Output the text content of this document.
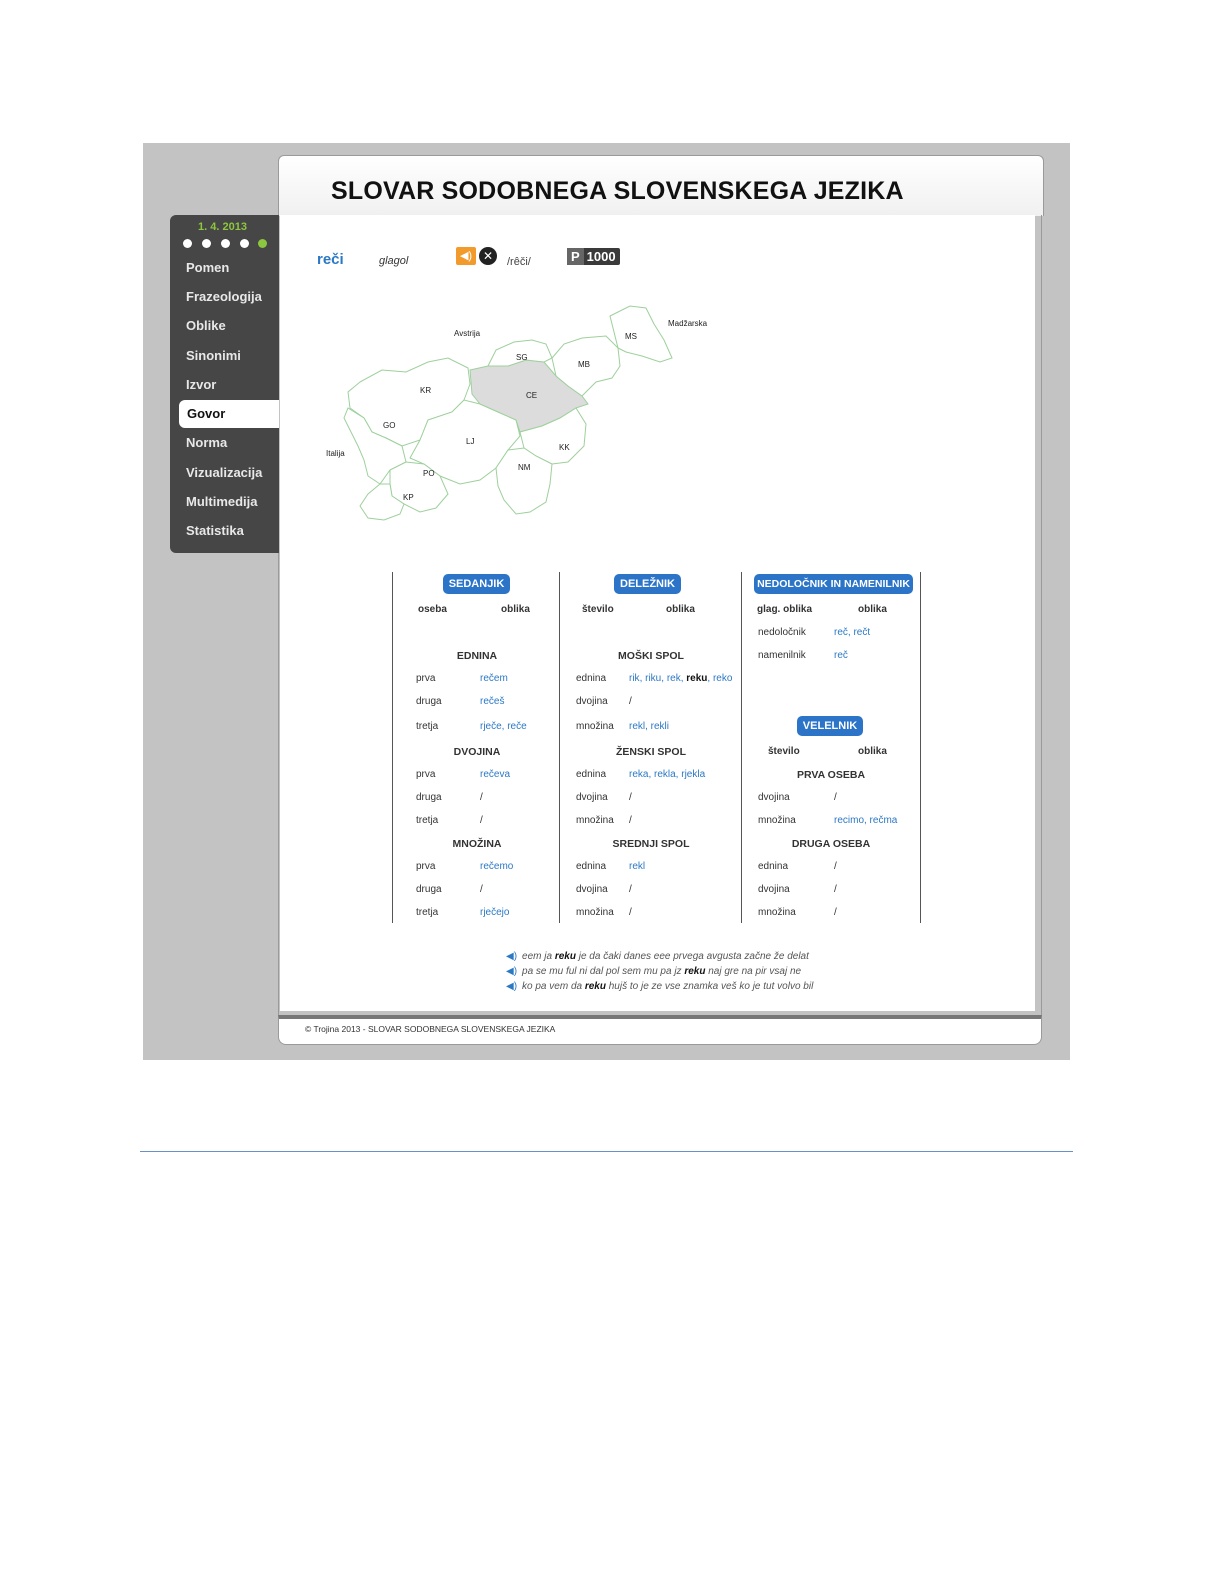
SLOVAR SODOBNEGA SLOVENSKEGA JEZIKA
1. 4. 2013
Pomen
Frazeologija
Oblike
Sinonimi
Izvor
Govor
Norma
Vizualizacija
Multimedija
Statistika
reči	glagol	◀) ✕	/rêči/	P 1000
Avstrija
Madžarska
Italija
MS
SG
MB
KR
CE
GO
LJ
KK
NM
PO
KP
SEDANJIK
oseba	oblika
EDNINA
prva	rečem
druga	rečeš
tretja	rječe, reče
DVOJINA
prva	rečeva
druga	/
tretja	/
MNOŽINA
prva	rečemo
druga	/
tretja	rječejo
DELEŽNIK
število	oblika
MOŠKI SPOL
ednina rik, riku, rek, reku, reko
dvojina /
množina rekl, rekli
ŽENSKI SPOL
ednina reka, rekla, rjekla
dvojina /
množina /
SREDNJI SPOL
ednina rekl
dvojina /
množina /
NEDOLOČNIK IN NAMENILNIK
glag. oblika	oblika
nedoločnik	reč, rečt
namenilnik	reč
VELELNIK
število	oblika
PRVA OSEBA
dvojina	/
množina	recimo, rečma
DRUGA OSEBA
ednina	/
dvojina	/
množina	/
◀) eem ja reku je da čaki danes eee prvega avgusta začne že delat
◀) pa se mu ful ni dal pol sem mu pa jz reku naj gre na pir vsaj ne
◀) ko pa vem da reku hujš to je ze vse znamka veš ko je tut volvo bil
© Trojina 2013 - SLOVAR SODOBNEGA SLOVENSKEGA JEZIKA
